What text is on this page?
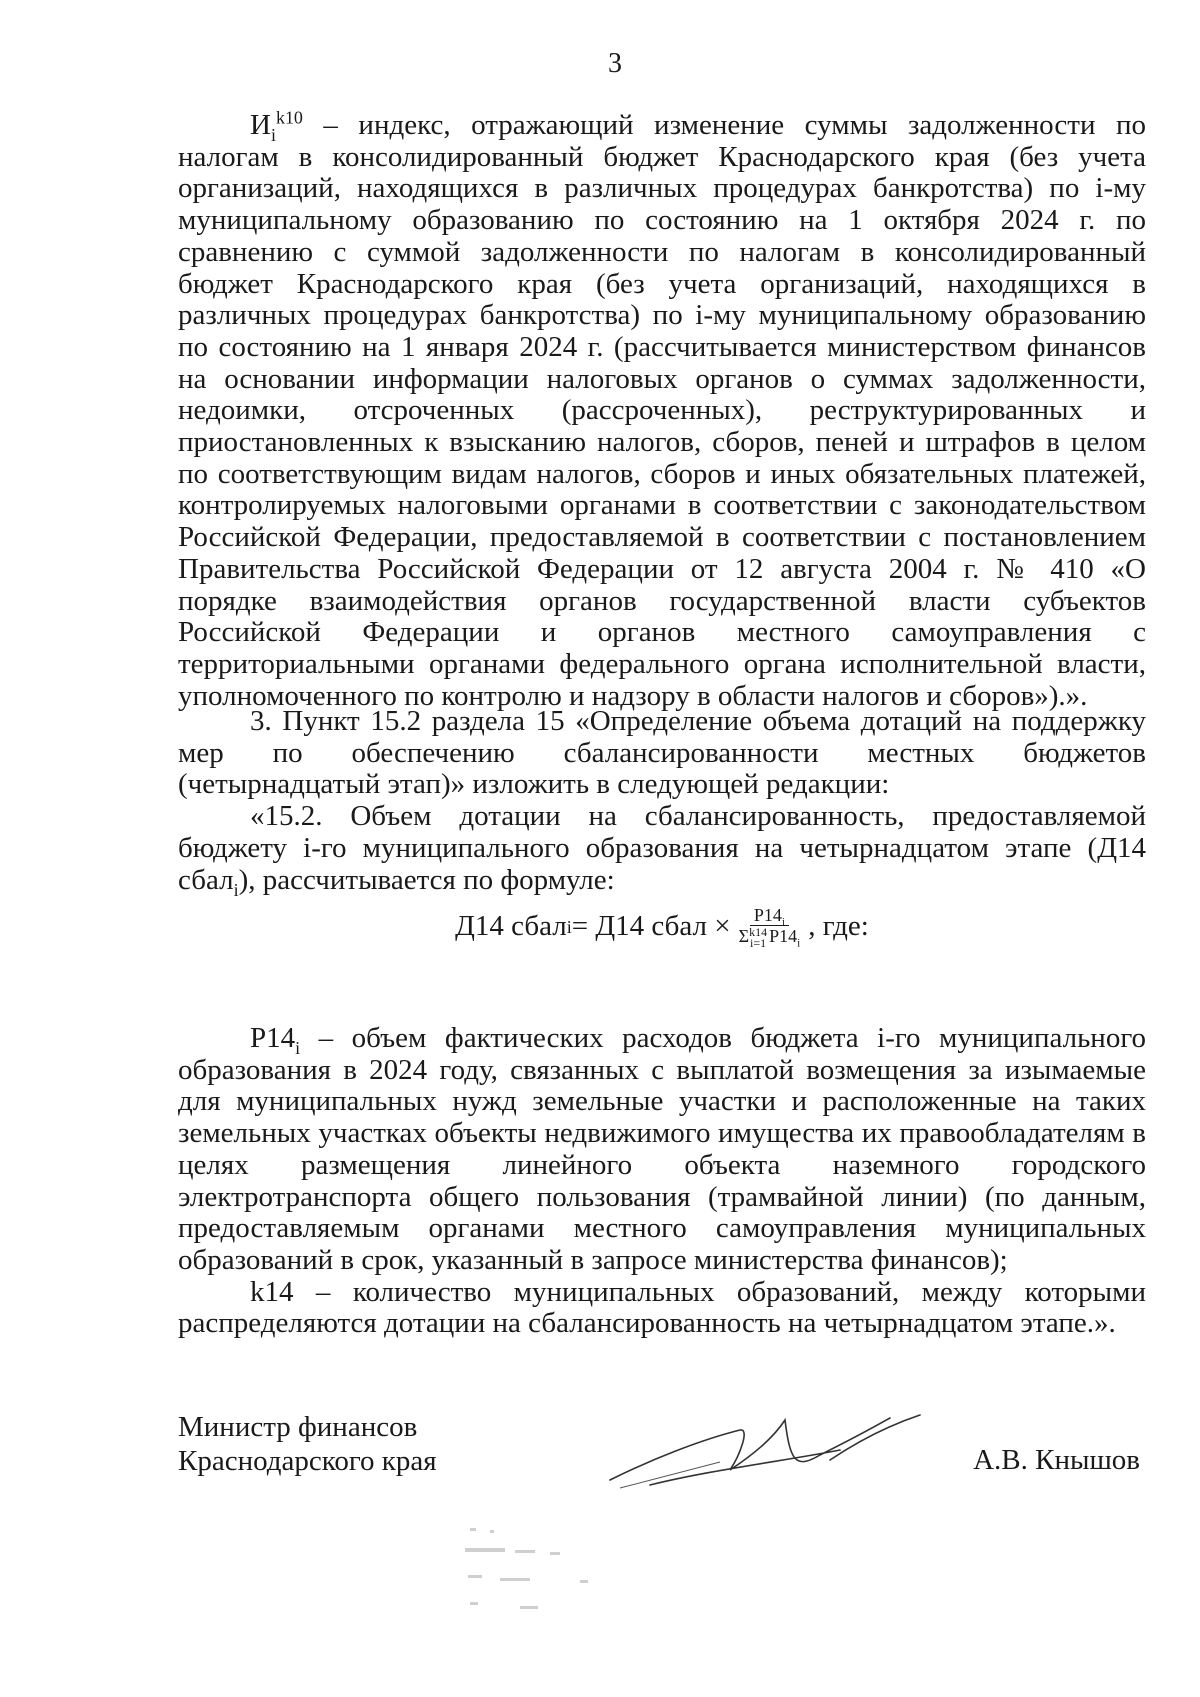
3

$И_i^{k10}$ – индекс, отражающий изменение суммы задолженности по налогам в консолидированный бюджет Краснодарского края (без учета организаций, находящихся в различных процедурах банкротства) по i-му муниципальному образованию по состоянию на 1 октября 2024 г. по сравнению с суммой задолженности по налогам в консолидированный бюджет Краснодарского края (без учета организаций, находящихся в различных процедурах банкротства) по i-му муниципальному образованию по состоянию на 1 января 2024 г. (рассчитывается министерством финансов на основании информации налоговых органов о суммах задолженности, недоимки, отсроченных (рассроченных), реструктурированных и приостановленных к взысканию налогов, сборов, пеней и штрафов в целом по соответствующим видам налогов, сборов и иных обязательных платежей, контролируемых налоговыми органами в соответствии с законодательством Российской Федерации, предоставляемой в соответствии с постановлением Правительства Российской Федерации от 12 августа 2004 г. № 410 «О порядке взаимодействия органов государственной власти субъектов Российской Федерации и органов местного самоуправления с территориальными органами федерального органа исполнительной власти, уполномоченного по контролю и надзору в области налогов и сборов»).».

3. Пункт 15.2 раздела 15 «Определение объема дотаций на поддержку мер по обеспечению сбалансированности местных бюджетов (четырнадцатый этап)» изложить в следующей редакции:

«15.2. Объем дотации на сбалансированность, предоставляемой бюджету i-го муниципального образования на четырнадцатом этапе (Д14 сбал$_i$), рассчитывается по формуле:

Д14 сбал i = Д14 сбал × $P14_i$
Σ k14
i=1 $P14_i$ , где:

$P14_i$ – объем фактических расходов бюджета i-го муниципального образования в 2024 году, связанных с выплатой возмещения за изымаемые для муниципальных нужд земельные участки и расположенные на таких земельных участках объекты недвижимого имущества их правообладателям в целях размещения линейного объекта наземного городского электротранспорта общего пользования (трамвайной линии) (по данным, предоставляемым органами местного самоуправления муниципальных образований в срок, указанный в запросе министерства финансов);

k14 – количество муниципальных образований, между которыми распределяются дотации на сбалансированность на четырнадцатом этапе.».

Министр финансов
Краснодарского края	А.В. Кнышов
